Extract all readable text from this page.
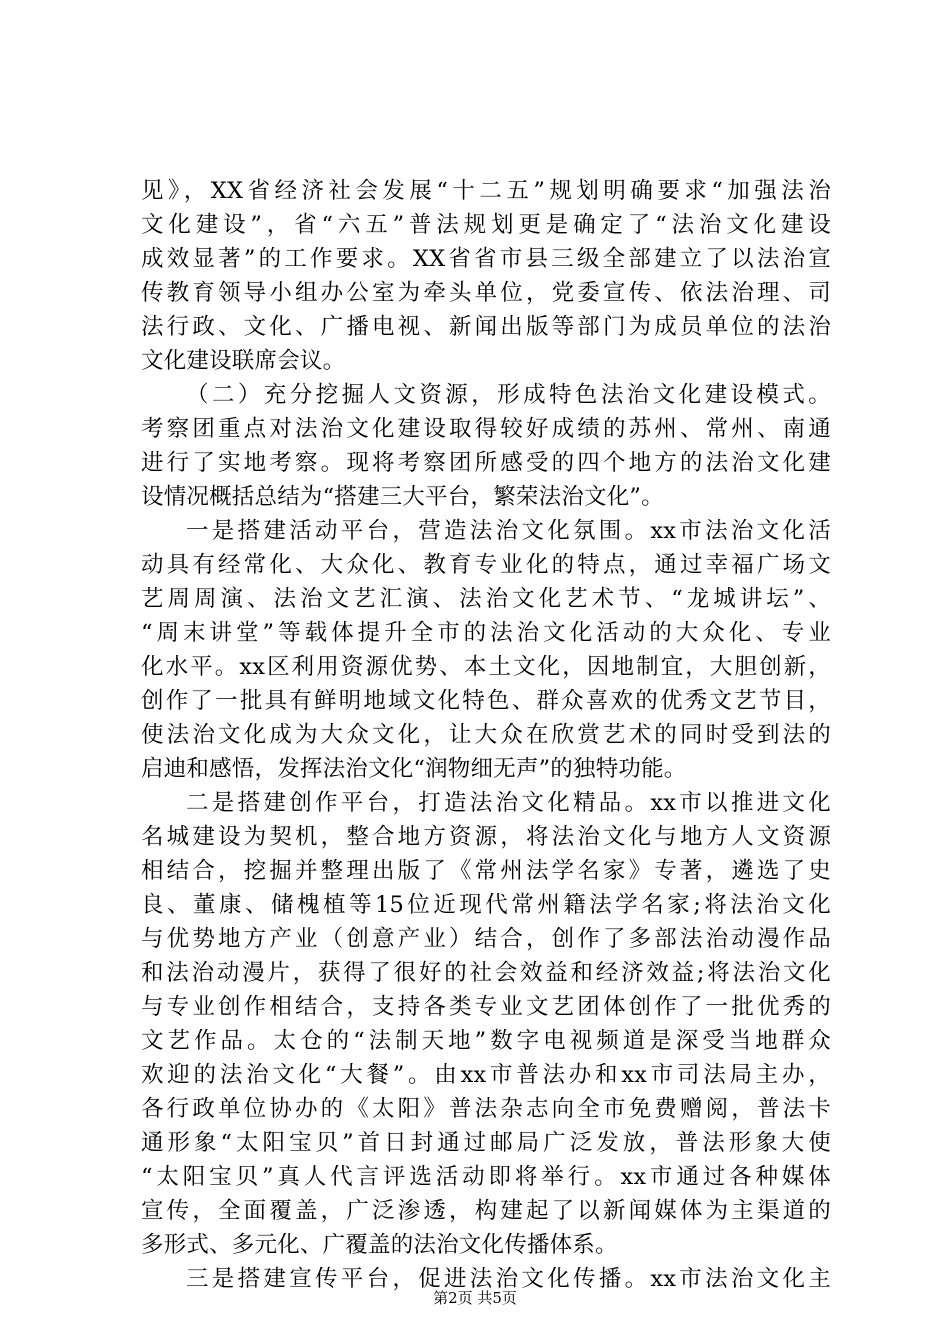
见》，XX省经济社会发展“十二五”规划明确要求“加强法治
文化建设”，省“六五”普法规划更是确定了“法治文化建设
成效显著”的工作要求。XX省省市县三级全部建立了以法治宣
传教育领导小组办公室为牵头单位，党委宣传、依法治理、司
法行政、文化、广播电视、新闻出版等部门为成员单位的法治
文化建设联席会议。
（二）充分挖掘人文资源，形成特色法治文化建设模式。
考察团重点对法治文化建设取得较好成绩的苏州、常州、南通
进行了实地考察。现将考察团所感受的四个地方的法治文化建
设情况概括总结为“搭建三大平台，繁荣法治文化”。
一是搭建活动平台，营造法治文化氛围。xx市法治文化活
动具有经常化、大众化、教育专业化的特点，通过幸福广场文
艺周周演、法治文艺汇演、法治文化艺术节、“龙城讲坛”、
“周末讲堂”等载体提升全市的法治文化活动的大众化、专业
化水平。xx区利用资源优势、本土文化，因地制宜，大胆创新，
创作了一批具有鲜明地域文化特色、群众喜欢的优秀文艺节目，
使法治文化成为大众文化，让大众在欣赏艺术的同时受到法的
启迪和感悟，发挥法治文化“润物细无声”的独特功能。
二是搭建创作平台，打造法治文化精品。xx市以推进文化
名城建设为契机，整合地方资源，将法治文化与地方人文资源
相结合，挖掘并整理出版了《常州法学名家》专著，遴选了史
良、董康、储槐植等15位近现代常州籍法学名家;将法治文化
与优势地方产业（创意产业）结合，创作了多部法治动漫作品
和法治动漫片，获得了很好的社会效益和经济效益;将法治文化
与专业创作相结合，支持各类专业文艺团体创作了一批优秀的
文艺作品。太仓的“法制天地”数字电视频道是深受当地群众
欢迎的法治文化“大餐”。由xx市普法办和xx市司法局主办，
各行政单位协办的《太阳》普法杂志向全市免费赠阅，普法卡
通形象“太阳宝贝”首日封通过邮局广泛发放，普法形象大使
“太阳宝贝”真人代言评选活动即将举行。xx市通过各种媒体
宣传，全面覆盖，广泛渗透，构建起了以新闻媒体为主渠道的
多形式、多元化、广覆盖的法治文化传播体系。
三是搭建宣传平台，促进法治文化传播。xx市法治文化主
第2页 共5页
